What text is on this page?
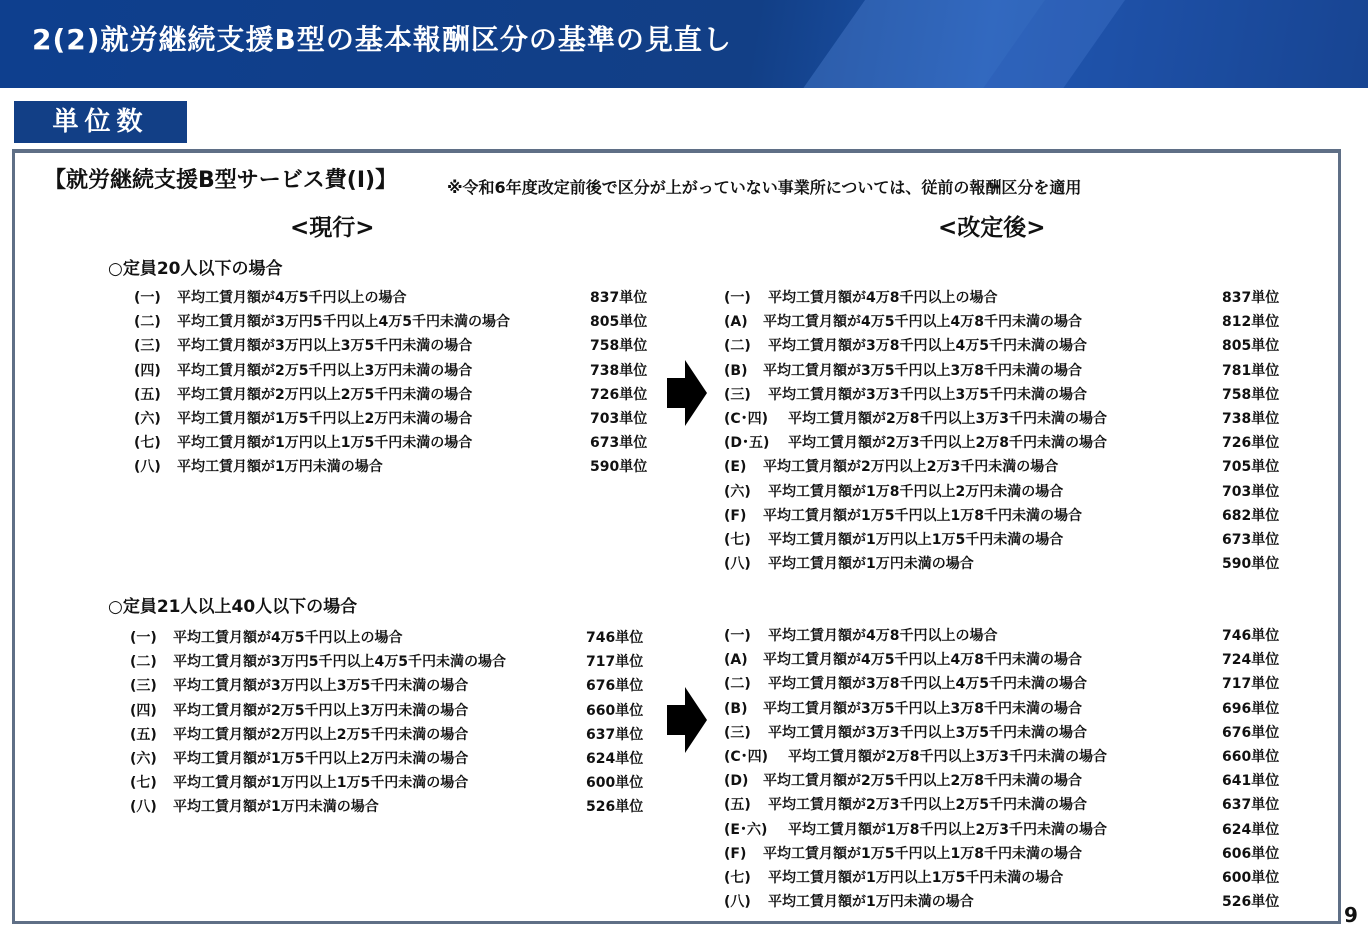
2(2)就労継続支援B型の基本報酬区分の基準の見直し
単位数
【就労継続支援B型サービス費(Ⅰ)】	※令和6年度改定前後で区分が上がっていない事業所については、従前の報酬区分を適用
<現行>	<改定後>
○定員20人以下の場合
(一) 平均工賃月額が4万5千円以上の場合	837単位
(二) 平均工賃月額が3万円5千円以上4万5千円未満の場合	805単位
(三) 平均工賃月額が3万円以上3万5千円未満の場合	758単位
(四) 平均工賃月額が2万5千円以上3万円未満の場合	738単位
(五) 平均工賃月額が2万円以上2万5千円未満の場合	726単位
(六) 平均工賃月額が1万5千円以上2万円未満の場合	703単位
(七) 平均工賃月額が1万円以上1万5千円未満の場合	673単位
(八) 平均工賃月額が1万円未満の場合	590単位
(一) 平均工賃月額が4万8千円以上の場合	837単位
(A) 平均工賃月額が4万5千円以上4万8千円未満の場合	812単位
(二) 平均工賃月額が3万8千円以上4万5千円未満の場合	805単位
(B) 平均工賃月額が3万5千円以上3万8千円未満の場合	781単位
(三) 平均工賃月額が3万3千円以上3万5千円未満の場合	758単位
(C･四) 平均工賃月額が2万8千円以上3万3千円未満の場合	738単位
(D･五) 平均工賃月額が2万3千円以上2万8千円未満の場合	726単位
(E) 平均工賃月額が2万円以上2万3千円未満の場合	705単位
(六) 平均工賃月額が1万8千円以上2万円未満の場合	703単位
(F) 平均工賃月額が1万5千円以上1万8千円未満の場合	682単位
(七) 平均工賃月額が1万円以上1万5千円未満の場合	673単位
(八) 平均工賃月額が1万円未満の場合	590単位
○定員21人以上40人以下の場合
(一) 平均工賃月額が4万5千円以上の場合	746単位
(二) 平均工賃月額が3万円5千円以上4万5千円未満の場合	717単位
(三) 平均工賃月額が3万円以上3万5千円未満の場合	676単位
(四) 平均工賃月額が2万5千円以上3万円未満の場合	660単位
(五) 平均工賃月額が2万円以上2万5千円未満の場合	637単位
(六) 平均工賃月額が1万5千円以上2万円未満の場合	624単位
(七) 平均工賃月額が1万円以上1万5千円未満の場合	600単位
(八) 平均工賃月額が1万円未満の場合	526単位
(一) 平均工賃月額が4万8千円以上の場合	746単位
(A) 平均工賃月額が4万5千円以上4万8千円未満の場合	724単位
(二) 平均工賃月額が3万8千円以上4万5千円未満の場合	717単位
(B) 平均工賃月額が3万5千円以上3万8千円未満の場合	696単位
(三) 平均工賃月額が3万3千円以上3万5千円未満の場合	676単位
(C･四) 平均工賃月額が2万8千円以上3万3千円未満の場合	660単位
(D) 平均工賃月額が2万5千円以上2万8千円未満の場合	641単位
(五) 平均工賃月額が2万3千円以上2万5千円未満の場合	637単位
(E･六) 平均工賃月額が1万8千円以上2万3千円未満の場合	624単位
(F) 平均工賃月額が1万5千円以上1万8千円未満の場合	606単位
(七) 平均工賃月額が1万円以上1万5千円未満の場合	600単位
(八) 平均工賃月額が1万円未満の場合	526単位
9
